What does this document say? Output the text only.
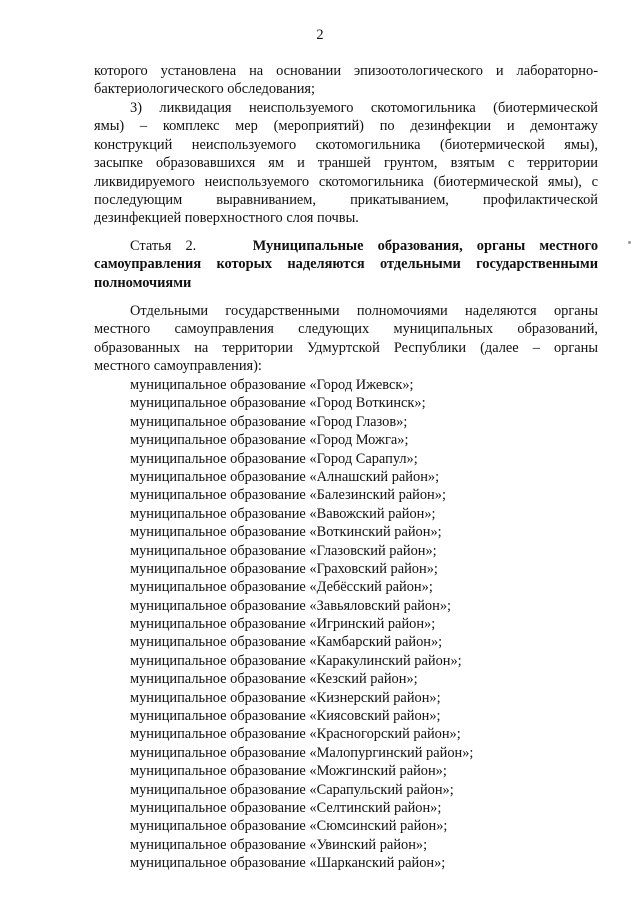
2
которого установлена на основании эпизоотологического и лабораторно-
бактериологического обследования;
3) ликвидация неиспользуемого скотомогильника (биотермической
ямы) – комплекс мер (мероприятий) по дезинфекции и демонтажу
конструкций неиспользуемого скотомогильника (биотермической ямы),
засыпке образовавшихся ям и траншей грунтом, взятым с территории
ликвидируемого неиспользуемого скотомогильника (биотермической ямы), с
последующим выравниванием, прикатыванием, профилактической
дезинфекцией поверхностного слоя почвы.
Статья 2.	Муниципальные образования, органы местного
самоуправления которых наделяются отдельными государственными
полномочиями
Отдельными государственными полномочиями наделяются органы
местного самоуправления следующих муниципальных образований,
образованных на территории Удмуртской Республики (далее – органы
местного самоуправления):
муниципальное образование «Город Ижевск»;
муниципальное образование «Город Воткинск»;
муниципальное образование «Город Глазов»;
муниципальное образование «Город Можга»;
муниципальное образование «Город Сарапул»;
муниципальное образование «Алнашский район»;
муниципальное образование «Балезинский район»;
муниципальное образование «Вавожский район»;
муниципальное образование «Воткинский район»;
муниципальное образование «Глазовский район»;
муниципальное образование «Граховский район»;
муниципальное образование «Дебёсский район»;
муниципальное образование «Завьяловский район»;
муниципальное образование «Игринский район»;
муниципальное образование «Камбарский район»;
муниципальное образование «Каракулинский район»;
муниципальное образование «Кезский район»;
муниципальное образование «Кизнерский район»;
муниципальное образование «Киясовский район»;
муниципальное образование «Красногорский район»;
муниципальное образование «Малопургинский район»;
муниципальное образование «Можгинский район»;
муниципальное образование «Сарапульский район»;
муниципальное образование «Селтинский район»;
муниципальное образование «Сюмсинский район»;
муниципальное образование «Увинский район»;
муниципальное образование «Шарканский район»;
